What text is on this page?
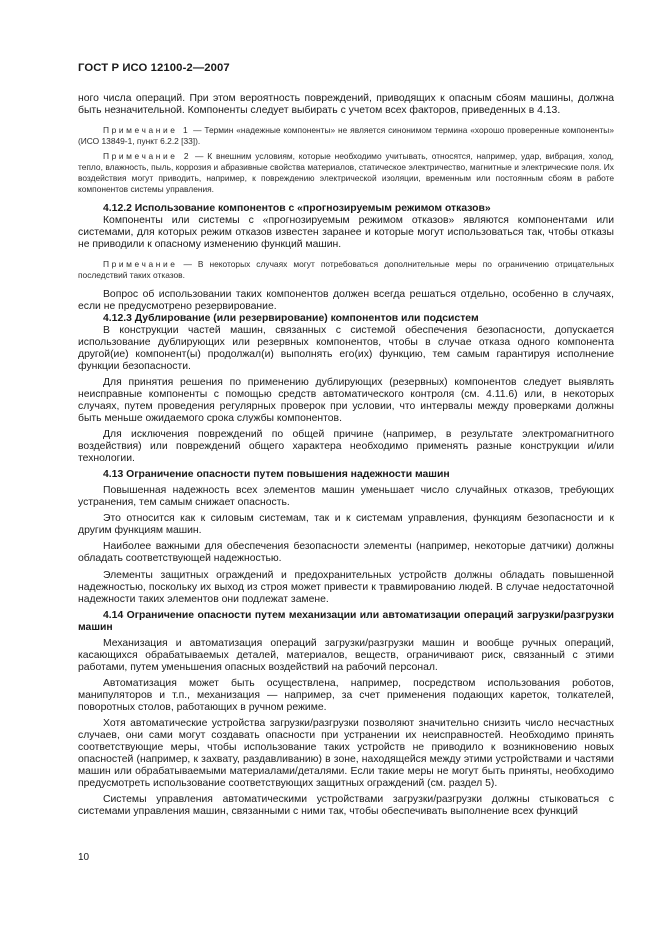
ГОСТ Р ИСО 12100-2—2007

ного числа операций. При этом вероятность повреждений, приводящих к опасным сбоям машины, должна быть незначительной. Компоненты следует выбирать с учетом всех факторов, приведенных в 4.13.

Примечание 1 — Термин «надежные компоненты» не является синонимом термина «хорошо проверенные компоненты» (ИСО 13849-1, пункт 6.2.2 [33]).

Примечание 2 — К внешним условиям, которые необходимо учитывать, относятся, например, удар, вибрация, холод, тепло, влажность, пыль, коррозия и абразивные свойства материалов, статическое электричество, магнитные и электрические поля. Их воздействия могут приводить, например, к повреждению электрической изоляции, временным или постоянным сбоям в работе компонентов системы управления.

4.12.2 Использование компонентов с «прогнозируемым режимом отказов»

Компоненты или системы с «прогнозируемым режимом отказов» являются компонентами или системами, для которых режим отказов известен заранее и которые могут использоваться так, чтобы отказы не приводили к опасному изменению функций машин.

Примечание — В некоторых случаях могут потребоваться дополнительные меры по ограничению отрицательных последствий таких отказов.

Вопрос об использовании таких компонентов должен всегда решаться отдельно, особенно в случаях, если не предусмотрено резервирование.

4.12.3 Дублирование (или резервирование) компонентов или подсистем

В конструкции частей машин, связанных с системой обеспечения безопасности, допускается использование дублирующих или резервных компонентов, чтобы в случае отказа одного компонента другой(ие) компонент(ы) продолжал(и) выполнять его(их) функцию, тем самым гарантируя исполнение функции безопасности.

Для принятия решения по применению дублирующих (резервных) компонентов следует выявлять неисправные компоненты с помощью средств автоматического контроля (см. 4.11.6) или, в некоторых случаях, путем проведения регулярных проверок при условии, что интервалы между проверками должны быть меньше ожидаемого срока службы компонентов.

Для исключения повреждений по общей причине (например, в результате электромагнитного воздействия) или повреждений общего характера необходимо применять разные конструкции и/или технологии.

4.13 Ограничение опасности путем повышения надежности машин

Повышенная надежность всех элементов машин уменьшает число случайных отказов, требующих устранения, тем самым снижает опасность.

Это относится как к силовым системам, так и к системам управления, функциям безопасности и к другим функциям машин.

Наиболее важными для обеспечения безопасности элементы (например, некоторые датчики) должны обладать соответствующей надежностью.

Элементы защитных ограждений и предохранительных устройств должны обладать повышенной надежностью, поскольку их выход из строя может привести к травмированию людей. В случае недостаточной надежности таких элементов они подлежат замене.

4.14 Ограничение опасности путем механизации или автоматизации операций загрузки/разгрузки машин

Механизация и автоматизация операций загрузки/разгрузки машин и вообще ручных операций, касающихся обрабатываемых деталей, материалов, веществ, ограничивают риск, связанный с этими работами, путем уменьшения опасных воздействий на рабочий персонал.

Автоматизация может быть осуществлена, например, посредством использования роботов, манипуляторов и т.п., механизация — например, за счет применения подающих кареток, толкателей, поворотных столов, работающих в ручном режиме.

Хотя автоматические устройства загрузки/разгрузки позволяют значительно снизить число несчастных случаев, они сами могут создавать опасности при устранении их неисправностей. Необходимо принять соответствующие меры, чтобы использование таких устройств не приводило к возникновению новых опасностей (например, к захвату, раздавливанию) в зоне, находящейся между этими устройствами и частями машин или обрабатываемыми материалами/деталями. Если такие меры не могут быть приняты, необходимо предусмотреть использование соответствующих защитных ограждений (см. раздел 5).

Системы управления автоматическими устройствами загрузки/разгрузки должны стыковаться с системами управления машин, связанными с ними так, чтобы обеспечивать выполнение всех функций

10
